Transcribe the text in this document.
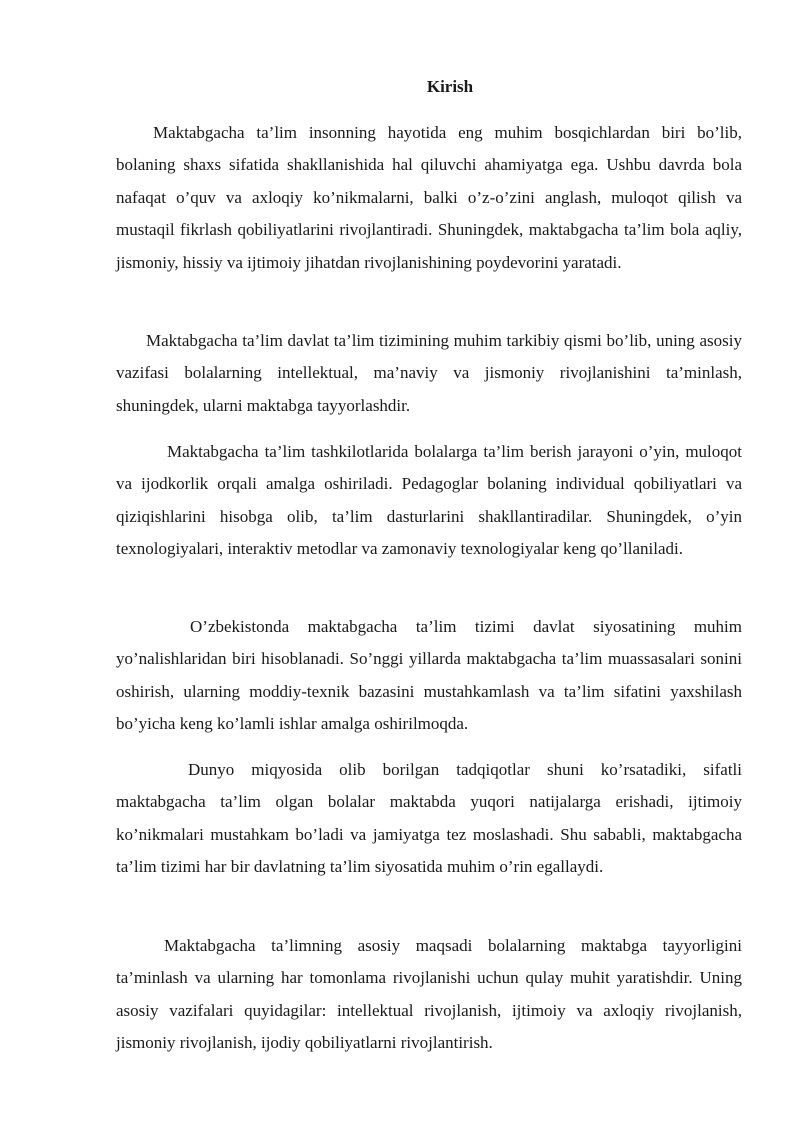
Kirish

Maktabgacha ta’lim insonning hayotida eng muhim bosqichlardan biri bo’lib, bolaning shaxs sifatida shakllanishida hal qiluvchi ahamiyatga ega. Ushbu davrda bola nafaqat o’quv va axloqiy ko’nikmalarni, balki o’z-o’zini anglash, muloqot qilish va mustaqil fikrlash qobiliyatlarini rivojlantiradi. Shuningdek, maktabgacha ta’lim bola aqliy, jismoniy, hissiy va ijtimoiy jihatdan rivojlanishining poydevorini yaratadi.

Maktabgacha ta’lim davlat ta’lim tizimining muhim tarkibiy qismi bo’lib, uning asosiy vazifasi bolalarning intellektual, ma’naviy va jismoniy rivojlanishini ta’minlash, shuningdek, ularni maktabga tayyorlashdir.

Maktabgacha ta’lim tashkilotlarida bolalarga ta’lim berish jarayoni o’yin, muloqot va ijodkorlik orqali amalga oshiriladi. Pedagoglar bolaning individual qobiliyatlari va qiziqishlarini hisobga olib, ta’lim dasturlarini shakllantiradilar. Shuningdek, o’yin texnologiyalari, interaktiv metodlar va zamonaviy texnologiyalar keng qo’llaniladi.

O’zbekistonda maktabgacha ta’lim tizimi davlat siyosatining muhim yo’nalishlaridan biri hisoblanadi. So’nggi yillarda maktabgacha ta’lim muassasalari sonini oshirish, ularning moddiy-texnik bazasini mustahkamlash va ta’lim sifatini yaxshilash bo’yicha keng ko’lamli ishlar amalga oshirilmoqda.

Dunyo miqyosida olib borilgan tadqiqotlar shuni ko’rsatadiki, sifatli maktabgacha ta’lim olgan bolalar maktabda yuqori natijalarga erishadi, ijtimoiy ko’nikmalari mustahkam bo’ladi va jamiyatga tez moslashadi. Shu sababli, maktabgacha ta’lim tizimi har bir davlatning ta’lim siyosatida muhim o’rin egallaydi.

Maktabgacha ta’limning asosiy maqsadi bolalarning maktabga tayyorligini ta’minlash va ularning har tomonlama rivojlanishi uchun qulay muhit yaratishdir. Uning asosiy vazifalari quyidagilar: intellektual rivojlanish, ijtimoiy va axloqiy rivojlanish, jismoniy rivojlanish, ijodiy qobiliyatlarni rivojlantirish.
